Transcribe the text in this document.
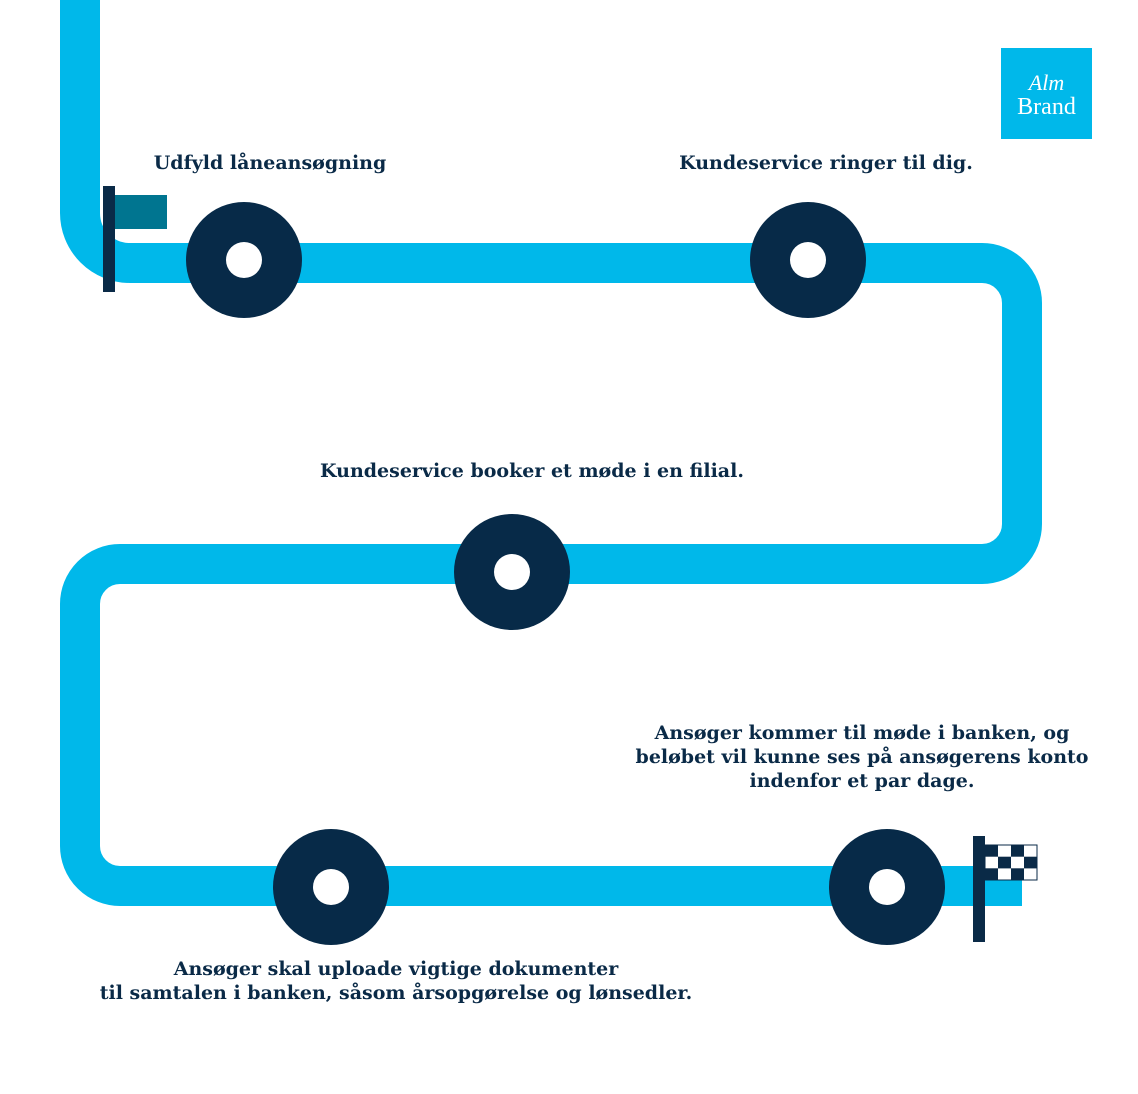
Alm
Brand
Udfyld låneansøgning	Kundeservice ringer til dig.
Kundeservice booker et møde i en filial.
Ansøger skal uploade vigtige dokumenter
til samtalen i banken, såsom årsopgørelse og lønsedler.
Ansøger kommer til møde i banken, og
beløbet vil kunne ses på ansøgerens konto
indenfor et par dage.
